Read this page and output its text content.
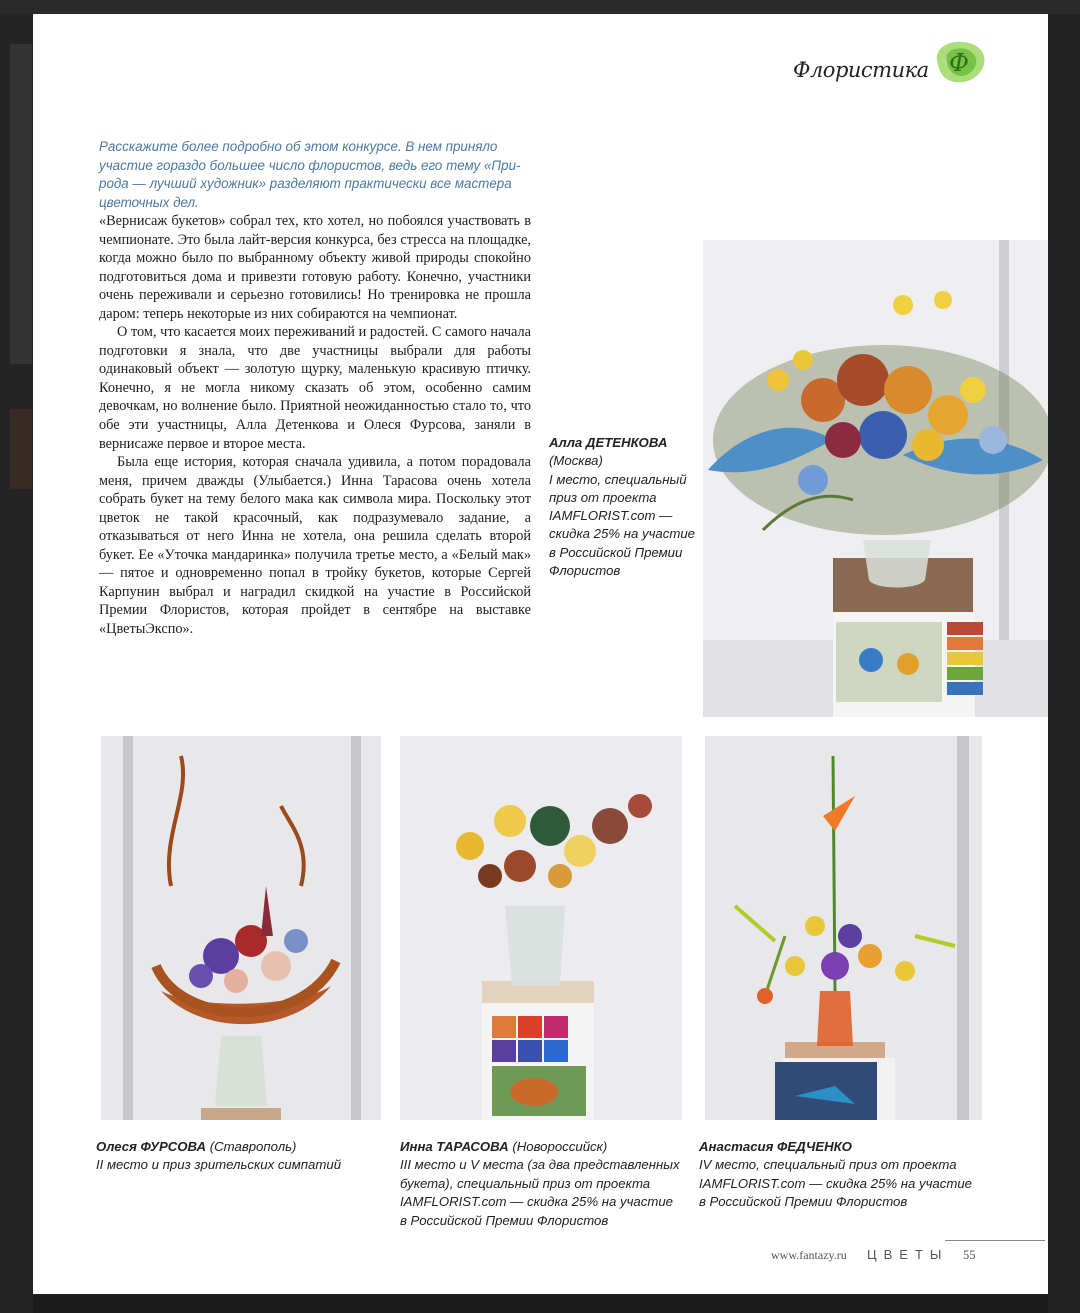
Ф
Флористика
Расскажите более подробно об этом конкурсе. В нем приняло участие гораздо большее число флористов, ведь его тему «Природа — лучший художник» разделяют практически все мастера цветочных дел.

«Вернисаж букетов» собрал тех, кто хотел, но побоялся участвовать в чемпионате. Это была лайт-версия конкурса, без стресса на площадке, когда можно было по выбранному объекту живой природы спокойно подготовиться дома и привезти готовую работу. Конечно, участники очень переживали и серьезно готовились! Но тренировка не прошла даром: теперь некоторые из них собираются на чемпионат.

О том, что касается моих переживаний и радостей. С самого начала подготовки я знала, что две участницы выбрали для работы одинаковый объект — золотую щурку, маленькую красивую птичку. Конечно, я не могла никому сказать об этом, особенно самим девочкам, но волнение было. Приятной неожиданностью стало то, что обе эти участницы, Алла Детенкова и Олеся Фурсова, заняли в вернисаже первое и второе места.

Была еще история, которая сначала удивила, а потом порадовала меня, причем дважды (Улыбается.) Инна Тарасова очень хотела собрать букет на тему белого мака как символа мира. Поскольку этот цветок не такой красочный, как подразумевало задание, а отказываться от него Инна не хотела, она решила сделать второй букет. Ее «Уточка мандаринка» получила третье место, а «Белый мак» — пятое и одновременно попал в тройку букетов, которые Сергей Карпунин выбрал и наградил скидкой на участие в Российской Премии Флористов, которая пройдет в сентябре на выставке «ЦветыЭкспо».

Алла ДЕТЕНКОВА
(Москва)
I место, специальный приз от проекта IAMFLORIST.com — скидка 25% на участие в Российской Премии Флористов
Олеся ФУРСОВА (Ставрополь)
II место и приз зрительских симпатий
Инна ТАРАСОВА (Новороссийск)
III место и V места (за два представленных букета), специальный приз от проекта IAMFLORIST.com — скидка 25% на участие в Российской Премии Флористов
Анастасия ФЕДЧЕНКО
IV место, специальный приз от проекта IAMFLORIST.com — скидка 25% на участие в Российской Премии Флористов
www.fantazy.ru ЦВЕТЫ 55
